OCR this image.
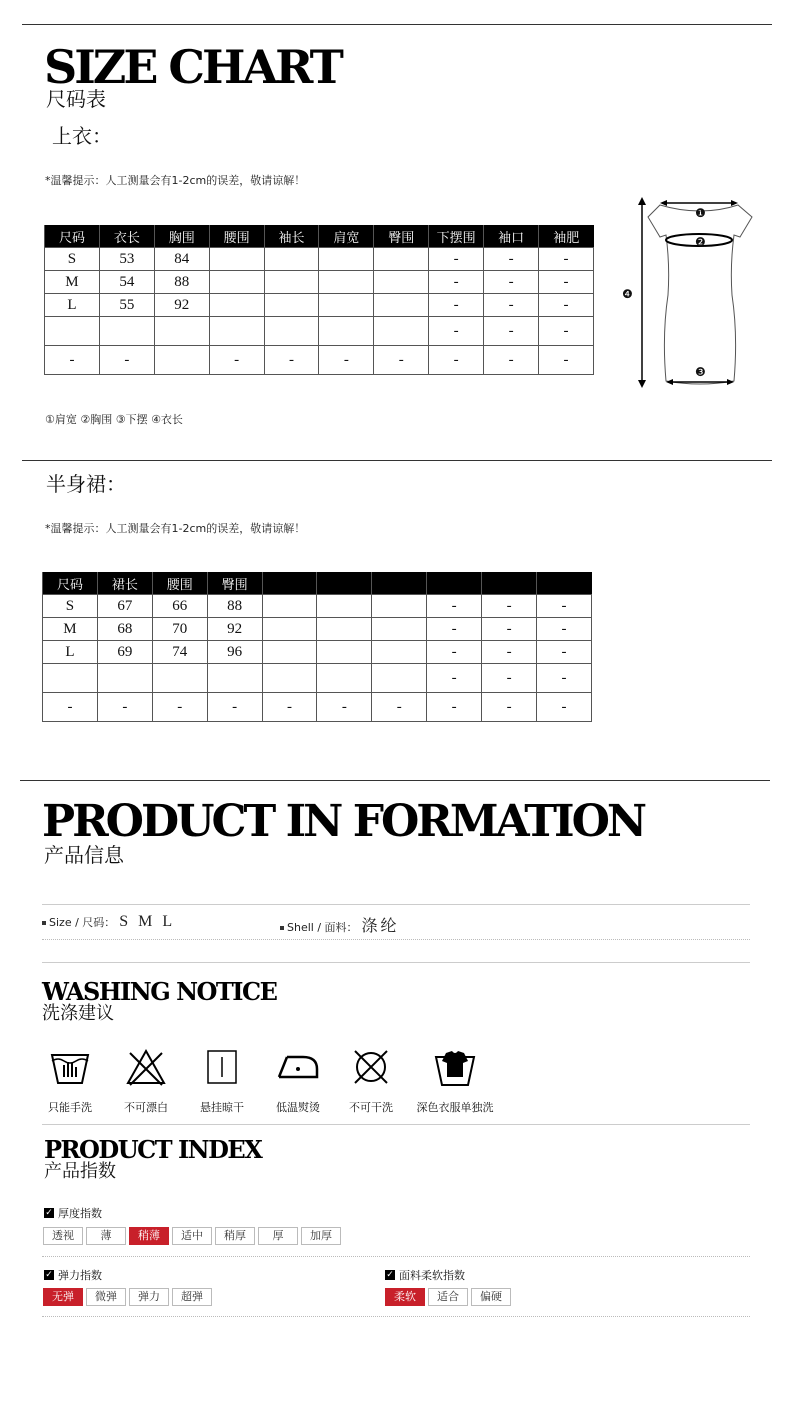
SIZE CHART
尺码表
上衣：
*温馨提示：人工测量会有1-2cm的误差，敬请谅解！
尺码	衣长	胸围	腰围	袖长	肩宽	臀围	下摆围	袖口	袖肥
S	53	84					-	-	-
M	54	88					-	-	-
L	55	92					-	-	-
							-	-	-
-	-		-	-	-	-	-	-	-
❶
❷
❸
❹
①肩宽 ②胸围 ③下摆 ④衣长
半身裙：
*温馨提示：人工测量会有1-2cm的误差，敬请谅解！
尺码	裙长	腰围	臀围						
S	67	66	88				-	-	-
M	68	70	92				-	-	-
L	69	74	96				-	-	-
							-	-	-
-	-	-	-	-	-	-	-	-	-
PRODUCT IN FORMATION
产品信息
Size / 尺码： S M L	Shell / 面料： 涤纶
WASHING NOTICE
洗涤建议
只能手洗	不可漂白	悬挂晾干	低温熨烫	不可干洗	深色衣服单独洗
PRODUCT INDEX
产品指数
✓ 厚度指数
透视	薄	稍薄	适中	稍厚	厚	加厚
✓ 弹力指数
无弹	微弹	弹力	超弹
✓ 面料柔软指数
柔软	适合	偏硬
